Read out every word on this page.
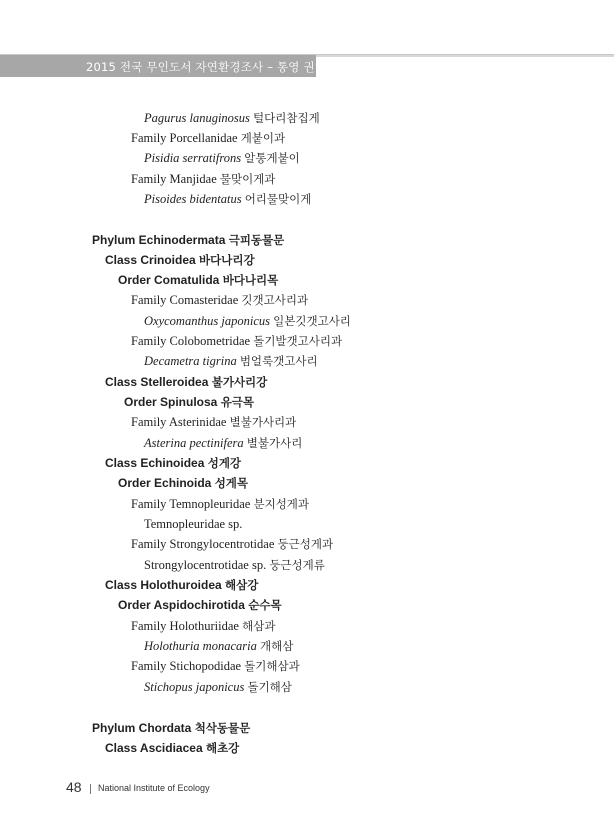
2015 전국 무인도서 자연환경조사 – 통영 권역
Pagurus lanuginosus 털다리참집게
Family Porcellanidae 게붙이과
Pisidia serratifrons 알통게붙이
Family Manjidae 물맞이게과
Pisoides bidentatus 어리물맞이게
Phylum Echinodermata 극피동물문
Class Crinoidea 바다나리강
Order Comatulida 바다나리목
Family Comasteridae 깃갯고사리과
Oxycomanthus japonicus 일본깃갯고사리
Family Colobometridae 돌기발갯고사리과
Decametra tigrina 범얼룩갯고사리
Class Stelleroidea 불가사리강
Order Spinulosa 유극목
Family Asterinidae 별불가사리과
Asterina pectinifera 별불가사리
Class Echinoidea 성게강
Order Echinoida 성게목
Family Temnopleuridae 분지성게과
Temnopleuridae sp.
Family Strongylocentrotidae 둥근성게과
Strongylocentrotidae sp. 둥근성게류
Class Holothuroidea 해삼강
Order Aspidochirotida 순수목
Family Holothuriidae 해삼과
Holothuria monacaria 개해삼
Family Stichopodidae 돌기해삼과
Stichopus japonicus 돌기해삼
Phylum Chordata 척삭동물문
Class Ascidiacea 해초강
48 National Institute of Ecology
